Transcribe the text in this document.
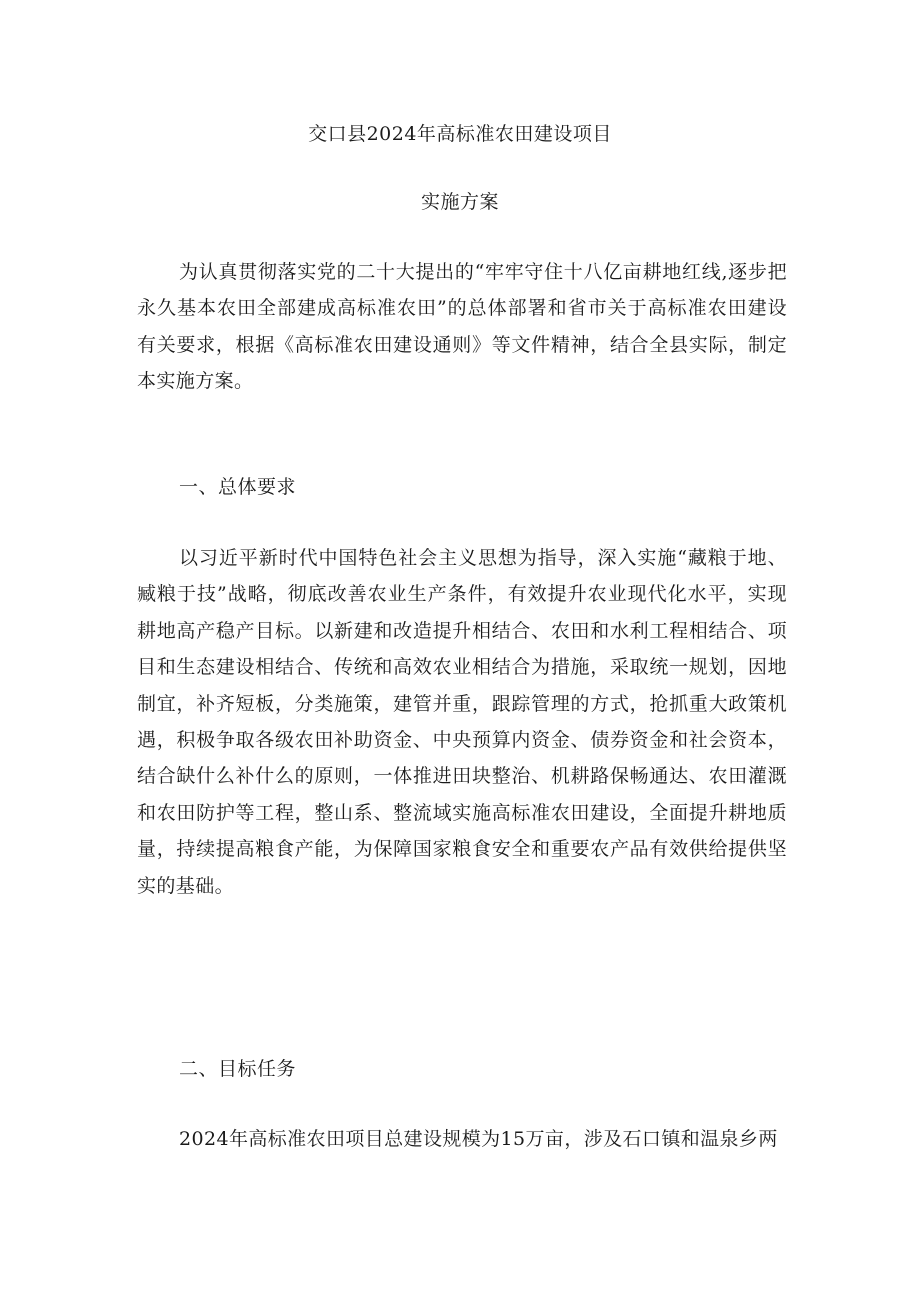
交口县2024年高标准农田建设项目
实施方案
为认真贯彻落实党的二十大提出的“牢牢守住十八亿亩耕地红线,逐步把永久基本农田全部建成高标准农田”的总体部署和省市关于高标准农田建设有关要求，根据《高标准农田建设通则》等文件精神，结合全县实际，制定本实施方案。
一、总体要求
以习近平新时代中国特色社会主义思想为指导，深入实施“藏粮于地、臧粮于技”战略，彻底改善农业生产条件，有效提升农业现代化水平，实现耕地高产稳产目标。以新建和改造提升相结合、农田和水利工程相结合、项目和生态建设相结合、传统和高效农业相结合为措施，采取统一规划，因地制宜，补齐短板，分类施策，建管并重，跟踪管理的方式，抢抓重大政策机遇，积极争取各级农田补助资金、中央预算内资金、债券资金和社会资本，结合缺什么补什么的原则，一体推进田块整治、机耕路保畅通达、农田灌溉和农田防护等工程，整山系、整流域实施高标准农田建设，全面提升耕地质量，持续提高粮食产能，为保障国家粮食安全和重要农产品有效供给提供坚实的基础。
二、目标任务
2024年高标准农田项目总建设规模为15万亩，涉及石口镇和温泉乡两
